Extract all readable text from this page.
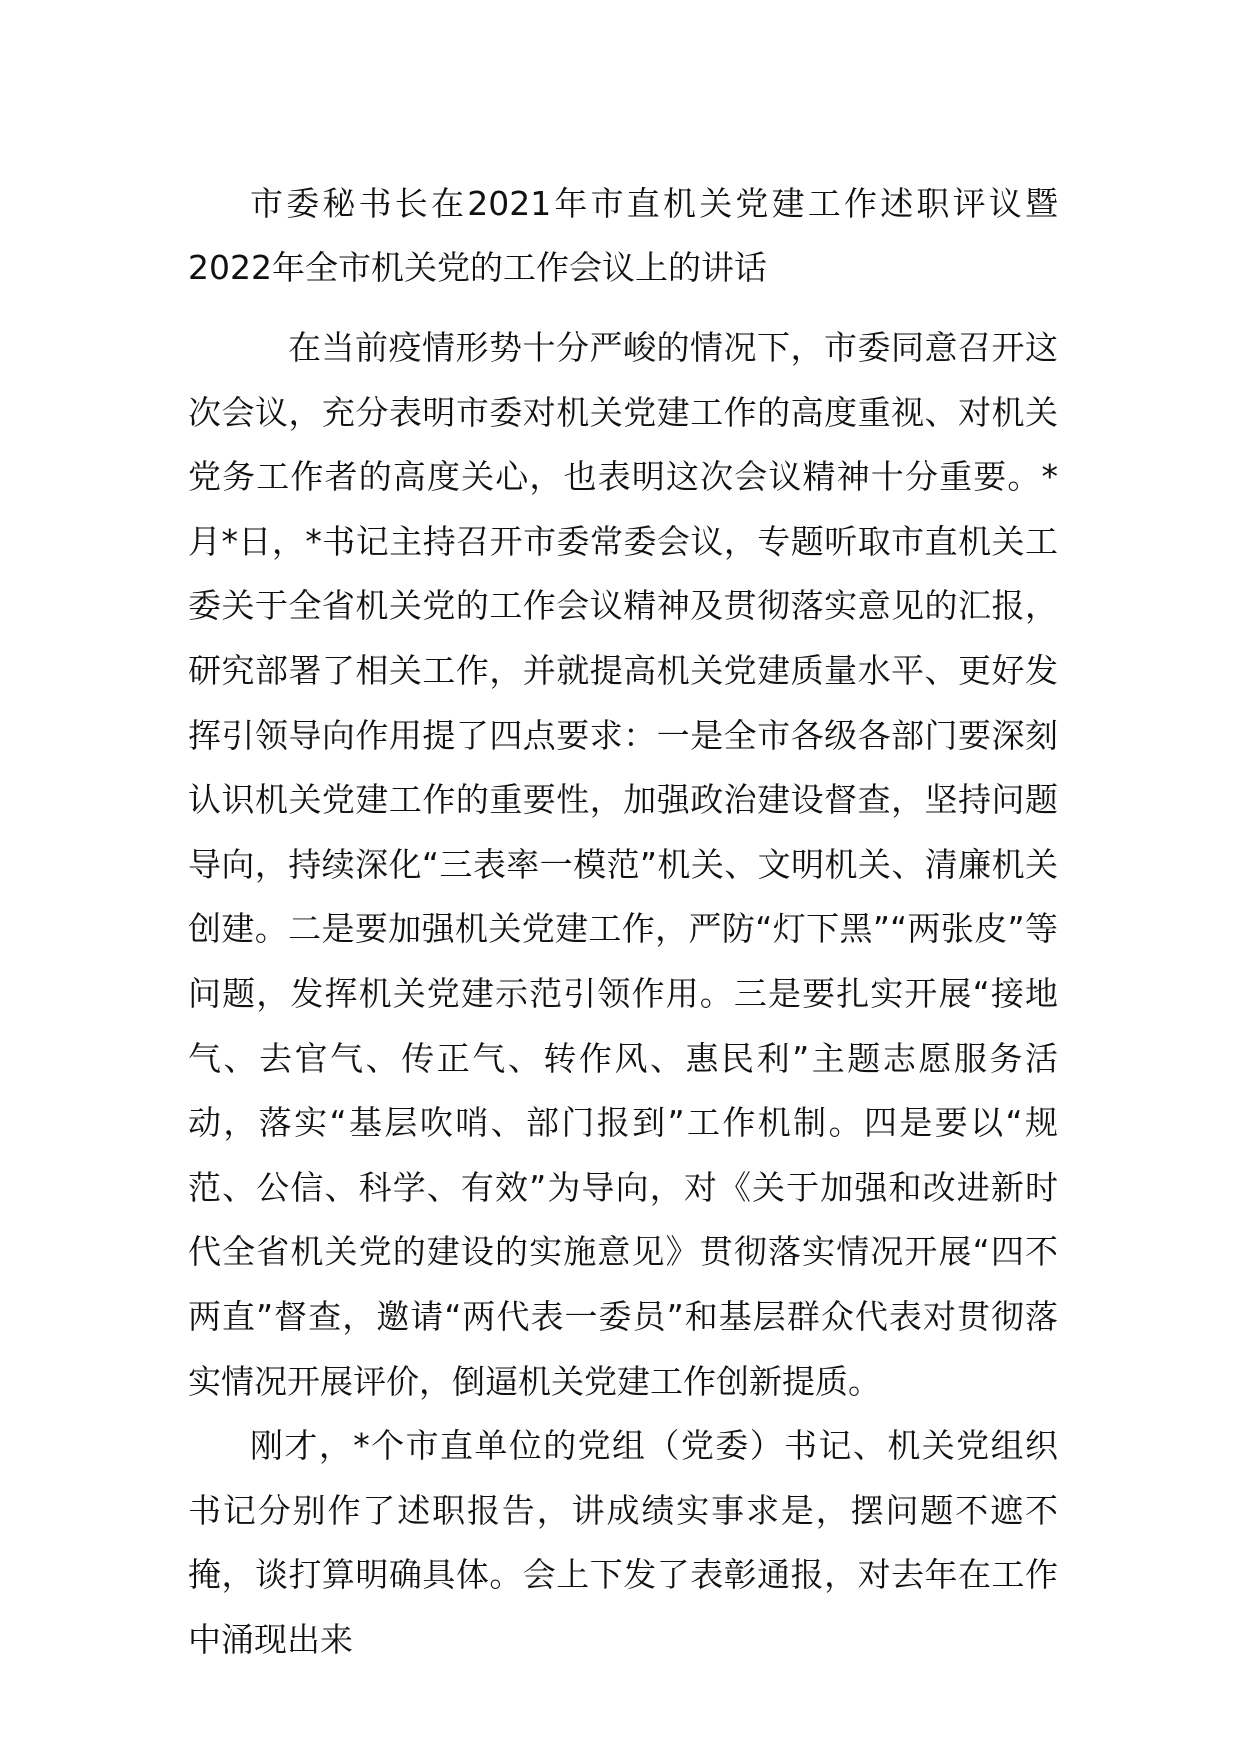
市委秘书长在2021年市直机关党建工作述职评议暨2022年全市机关党的工作会议上的讲话

在当前疫情形势十分严峻的情况下，市委同意召开这次会议，充分表明市委对机关党建工作的高度重视、对机关党务工作者的高度关心，也表明这次会议精神十分重要。*月*日，*书记主持召开市委常委会议，专题听取市直机关工委关于全省机关党的工作会议精神及贯彻落实意见的汇报，研究部署了相关工作，并就提高机关党建质量水平、更好发挥引领导向作用提了四点要求：一是全市各级各部门要深刻认识机关党建工作的重要性，加强政治建设督查，坚持问题导向，持续深化“三表率一模范”机关、文明机关、清廉机关创建。二是要加强机关党建工作，严防“灯下黑”“两张皮”等问题，发挥机关党建示范引领作用。三是要扎实开展“接地气、去官气、传正气、转作风、惠民利”主题志愿服务活动，落实“基层吹哨、部门报到”工作机制。四是要以“规范、公信、科学、有效”为导向，对《关于加强和改进新时代全省机关党的建设的实施意见》贯彻落实情况开展“四不两直”督查，邀请“两代表一委员”和基层群众代表对贯彻落实情况开展评价，倒逼机关党建工作创新提质。

刚才，*个市直单位的党组（党委）书记、机关党组织书记分别作了述职报告，讲成绩实事求是，摆问题不遮不掩，谈打算明确具体。会上下发了表彰通报，对去年在工作中涌现出来
